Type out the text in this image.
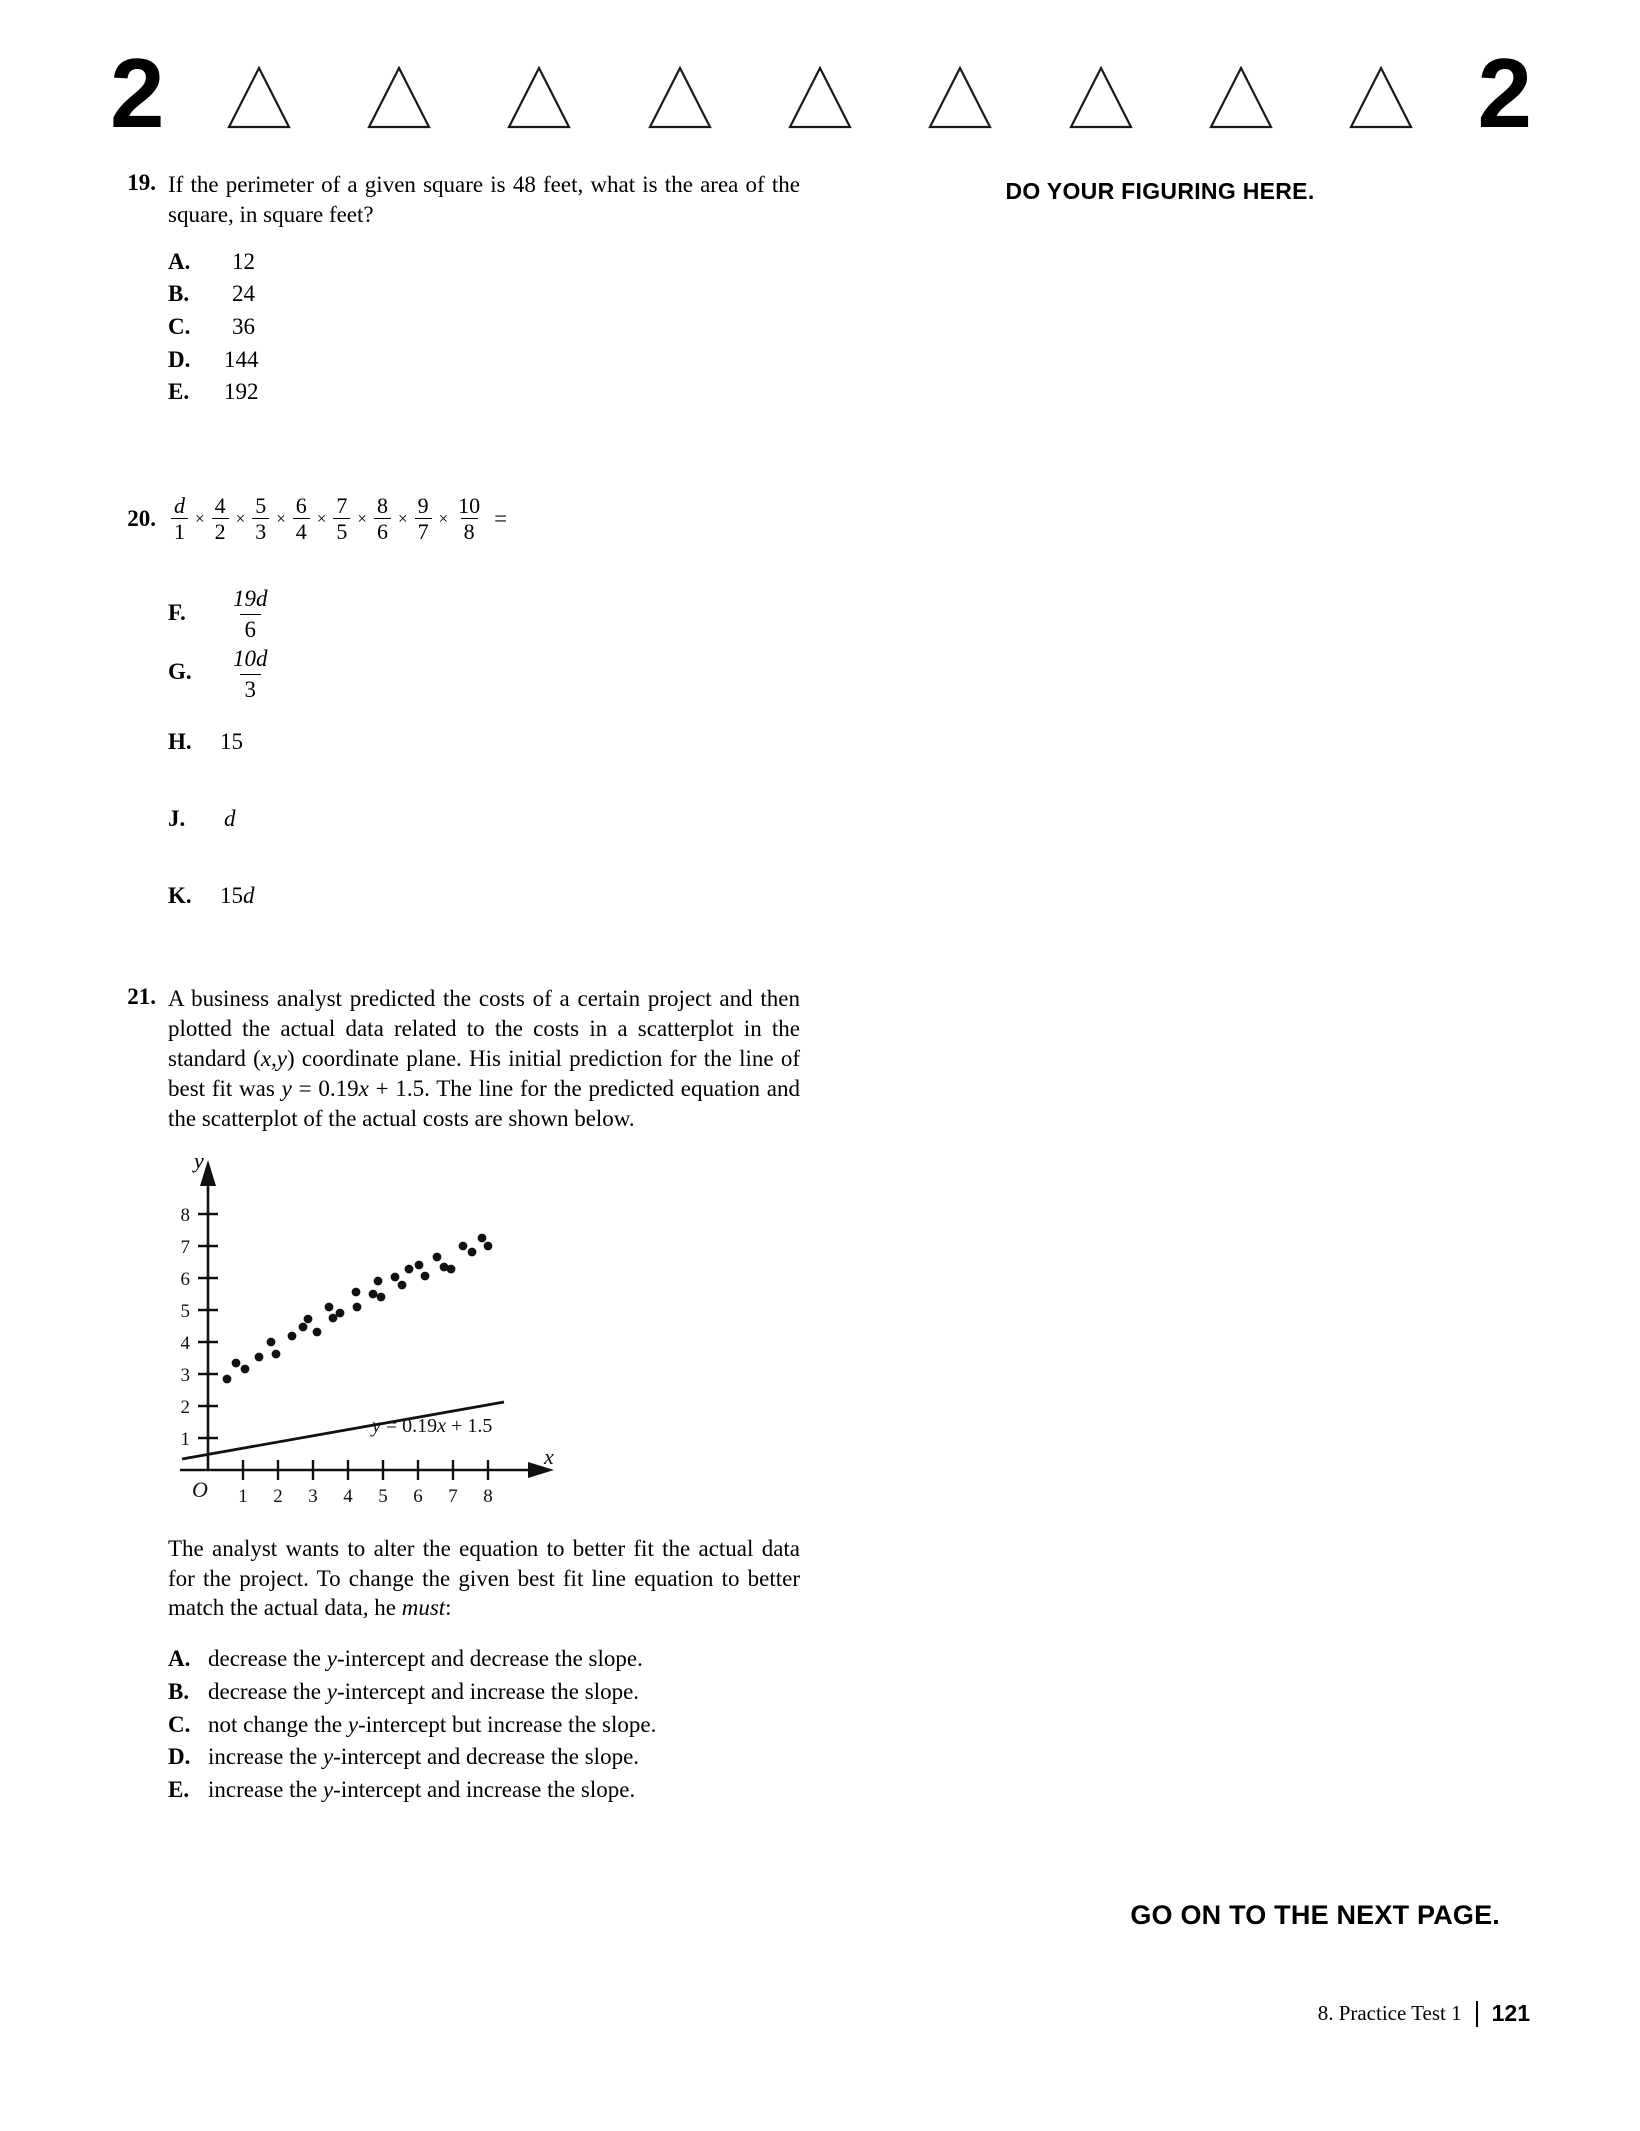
2	2
DO YOUR FIGURING HERE.
GO ON TO THE NEXT PAGE.
19. If the perimeter of a given square is 48 feet, what is the area of the square, in square feet?
A.	12
B.	24
C.	36
D.	144
E.	192
20. $\frac{d}{1} \times \frac{4}{2} \times \frac{5}{3} \times \frac{6}{4} \times \frac{7}{5} \times \frac{8}{6} \times \frac{9}{7} \times \frac{10}{8}$ =
F.	$\frac{19d}{6}$
G.	$\frac{10d}{3}$
H.	15
J.	d
K.	15d
21. A business analyst predicted the costs of a certain project and then plotted the actual data related to the costs in a scatterplot in the standard (x,y) coordinate plane. His initial prediction for the line of best fit was y = 0.19x + 1.5. The line for the predicted equation and the scatterplot of the actual costs are shown below.
1
2
3
4
5
6
7
8
1 2 3 4 5 6 7 8
x
O
y = 0.19x + 1.5
y
The analyst wants to alter the equation to better fit the actual data for the project. To change the given best fit line equation to better match the actual data, he must:
A. decrease the y-intercept and decrease the slope.
B. decrease the y-intercept and increase the slope.
C. not change the y-intercept but increase the slope.
D. increase the y-intercept and decrease the slope.
E. increase the y-intercept and increase the slope.
8. Practice Test 1 121
